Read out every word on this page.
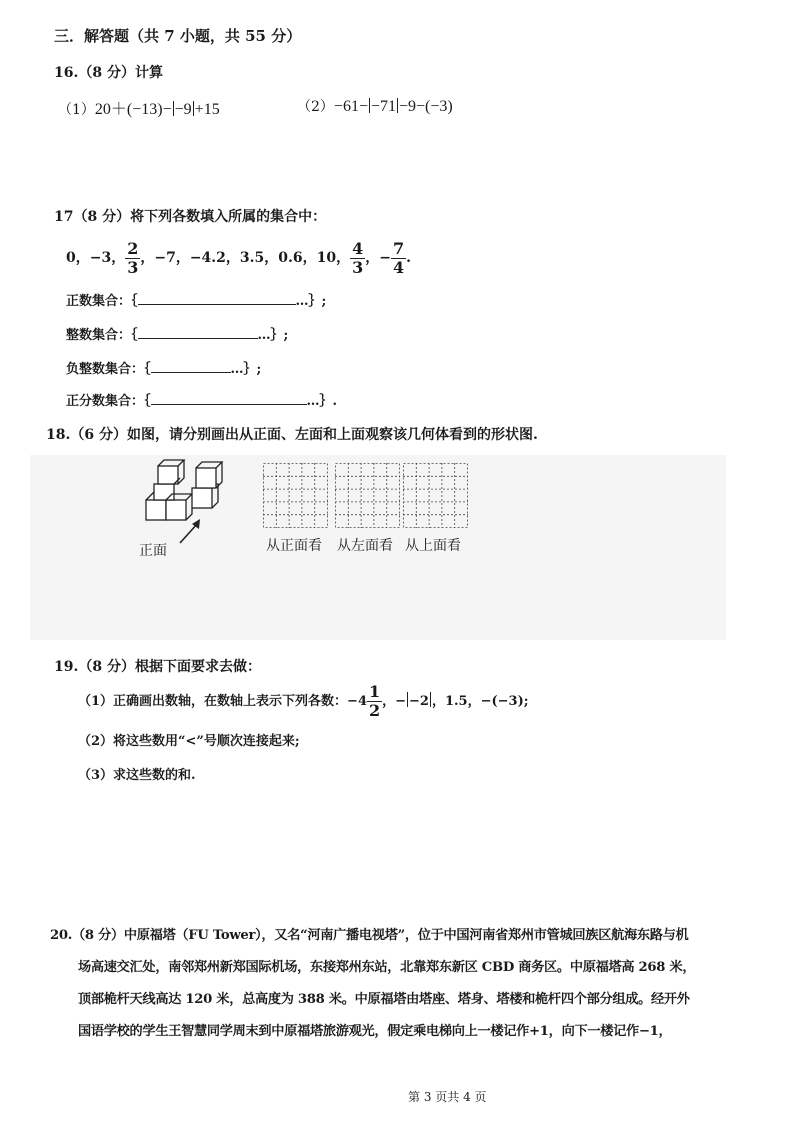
三．解答题（共 7 小题，共 55 分）
16.（8 分）计算
（1）20＋(−13)− −9 +15	（2）−61− −71 −9−(−3)
17（8 分）将下列各数填入所属的集合中：
0，−3， $\frac{2}{3}$ ，−7，−4.2，3.5，0.6，10， $\frac{4}{3}$ ，− $\frac{7}{4}$ .
正数集合：｛	…｝;
整数集合：｛	…｝;
负整数集合：｛	…｝;
正分数集合：｛	…｝.
18.（6 分）如图，请分别画出从正面、左面和上面观察该几何体看到的形状图.
正面	从正面看 从左面看 从上面看
19.（8 分）根据下面要求去做：
（1）正确画出数轴，在数轴上表示下列各数：$-4 \frac{1}{2}$ ，− −2 ，1.5，−(−3);
（2）将这些数用“<”号顺次连接起来;
（3）求这些数的和.
20.（8 分）中原福塔（FU Tower），又名“河南广播电视塔”，位于中国河南省郑州市管城回族区航海东路与机
场高速交汇处，南邻郑州新郑国际机场，东接郑州东站，北靠郑东新区 CBD 商务区。中原福塔高 268 米，
顶部桅杆天线高达 120 米，总高度为 388 米。中原福塔由塔座、塔身、塔楼和桅杆四个部分组成。经开外
国语学校的学生王智慧同学周末到中原福塔旅游观光，假定乘电梯向上一楼记作+1，向下一楼记作−1，
第 3 页共 4 页
